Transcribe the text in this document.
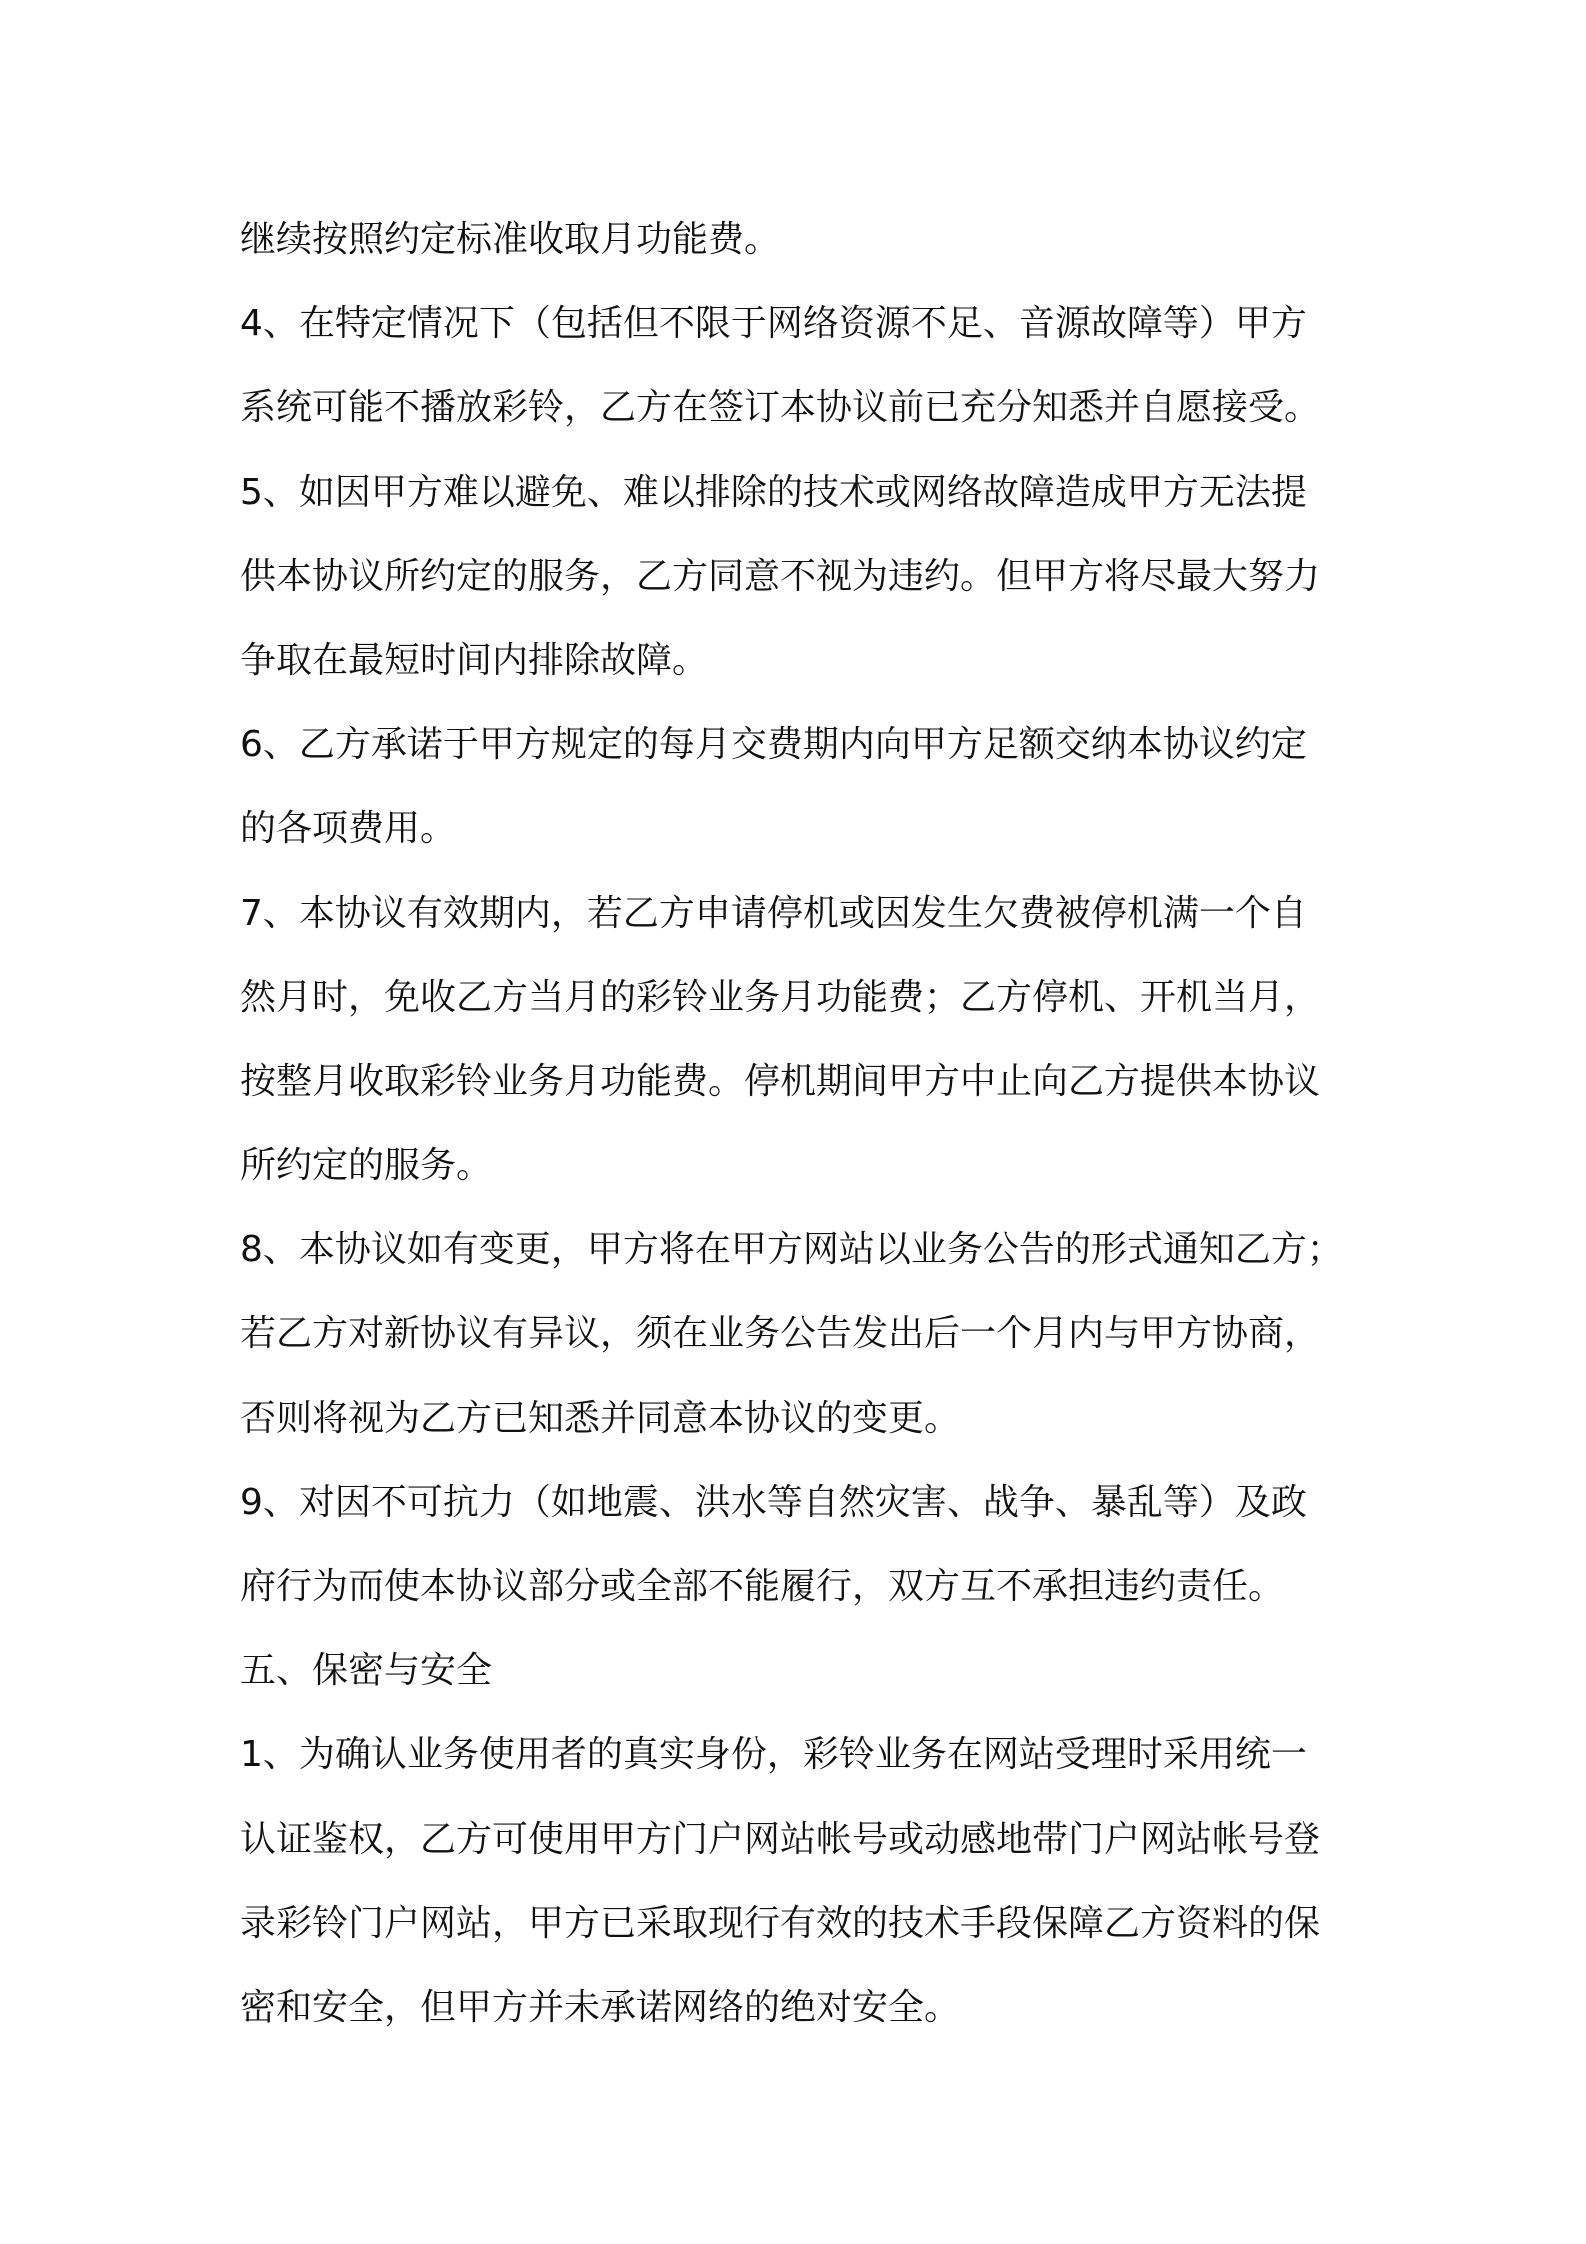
继续按照约定标准收取月功能费。
4、在特定情况下（包括但不限于网络资源不足、音源故障等）甲方
系统可能不播放彩铃，乙方在签订本协议前已充分知悉并自愿接受。
5、如因甲方难以避免、难以排除的技术或网络故障造成甲方无法提
供本协议所约定的服务，乙方同意不视为违约。但甲方将尽最大努力
争取在最短时间内排除故障。
6、乙方承诺于甲方规定的每月交费期内向甲方足额交纳本协议约定
的各项费用。
7、本协议有效期内，若乙方申请停机或因发生欠费被停机满一个自
然月时，免收乙方当月的彩铃业务月功能费；乙方停机、开机当月，
按整月收取彩铃业务月功能费。停机期间甲方中止向乙方提供本协议
所约定的服务。
8、本协议如有变更，甲方将在甲方网站以业务公告的形式通知乙方；
若乙方对新协议有异议，须在业务公告发出后一个月内与甲方协商，
否则将视为乙方已知悉并同意本协议的变更。
9、对因不可抗力（如地震、洪水等自然灾害、战争、暴乱等）及政
府行为而使本协议部分或全部不能履行，双方互不承担违约责任。
五、保密与安全
1、为确认业务使用者的真实身份，彩铃业务在网站受理时采用统一
认证鉴权，乙方可使用甲方门户网站帐号或动感地带门户网站帐号登
录彩铃门户网站，甲方已采取现行有效的技术手段保障乙方资料的保
密和安全，但甲方并未承诺网络的绝对安全。
